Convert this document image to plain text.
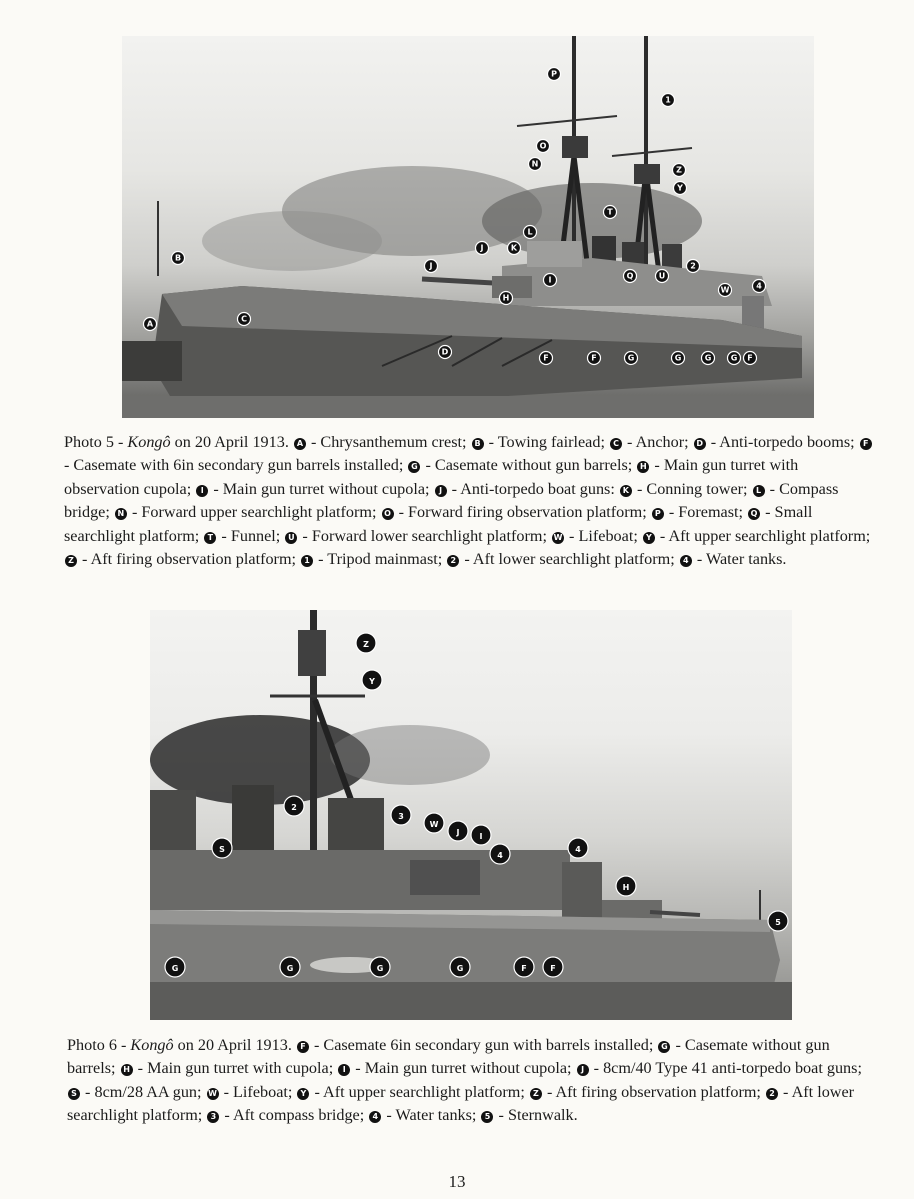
P
1
O
N
Z
Y
T
L
J	K
B
J	2
I	Q	U
4
W
H
C
A
D
F	F	G	G	G G F

Photo 5 - Kongô on 20 April 1913. A - Chrysanthemum crest; B - Towing fairlead; C - Anchor; D - Anti-torpedo booms; F - Casemate with 6in secondary gun barrels installed; G - Casemate without gun barrels; H - Main gun turret with observation cupola; I - Main gun turret without cupola; J - Anti-torpedo boat guns: K - Conning tower; L - Compass bridge; N - Forward upper searchlight platform; O - Forward firing observation platform; P - Foremast; Q - Small searchlight platform; T - Funnel; U - Forward lower searchlight platform; W - Lifeboat; Y - Aft upper searchlight platform; Z - Aft firing observation platform; 1 - Tripod mainmast; 2 - Aft lower searchlight platform; 4 - Water tanks.

Z
Y
3
W
J	I
2
S
4
4
H
5
G	G	G	G	F	F

Photo 6 - Kongô on 20 April 1913. F - Casemate 6in secondary gun with barrels installed; G - Casemate without gun barrels; H - Main gun turret with cupola; I - Main gun turret without cupola; J - 8cm/40 Type 41 anti-torpedo boat guns; S - 8cm/28 AA gun; W - Lifeboat; Y - Aft upper searchlight platform; Z - Aft firing observation platform; 2 - Aft lower searchlight platform; 3 - Aft compass bridge; 4 - Water tanks; 5 - Sternwalk.

13
